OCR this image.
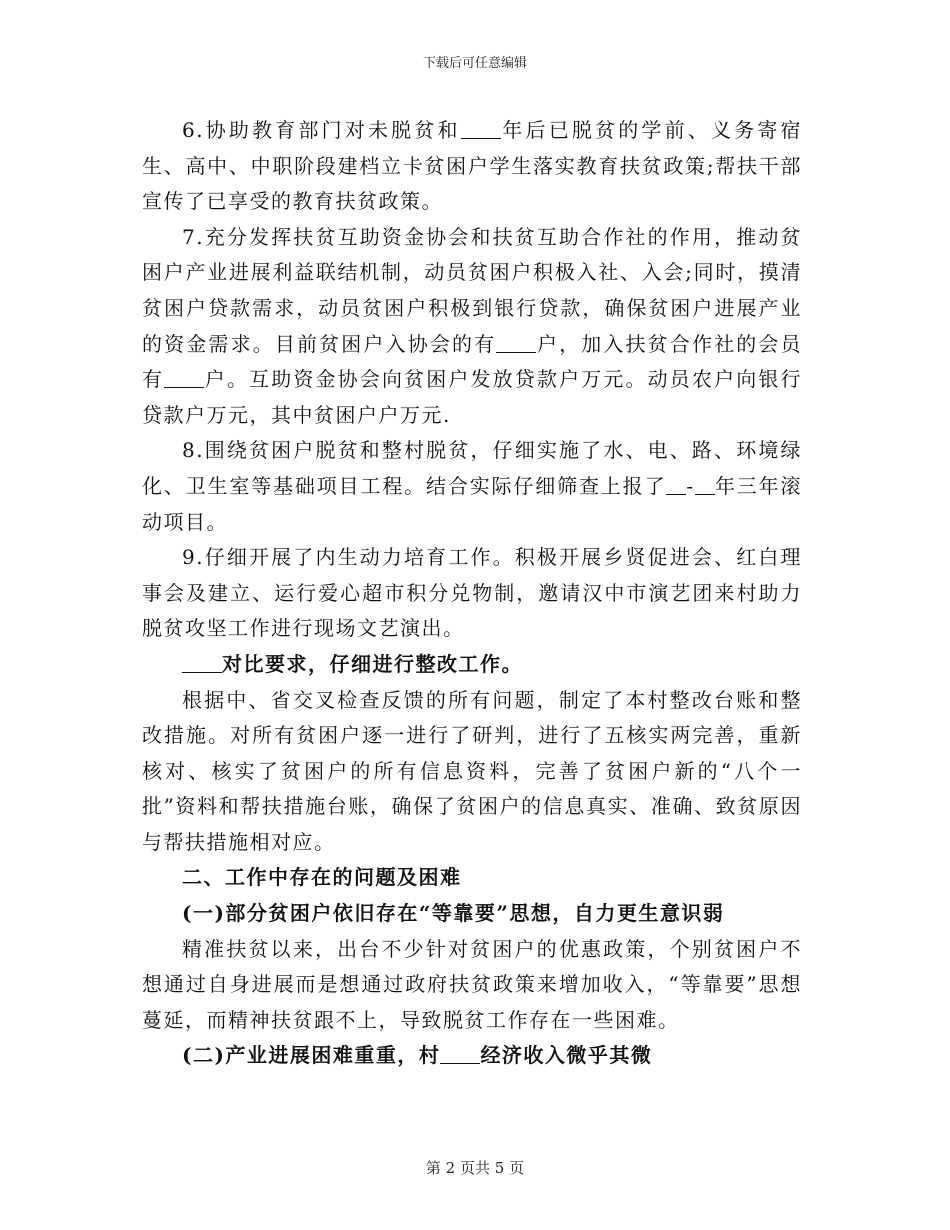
下载后可任意编辑

6.协助教育部门对未脱贫和 年后已脱贫的学前、义务寄宿生、高中、中职阶段建档立卡贫困户学生落实教育扶贫政策;帮扶干部宣传了已享受的教育扶贫政策。

7.充分发挥扶贫互助资金协会和扶贫互助合作社的作用，推动贫困户产业进展利益联结机制，动员贫困户积极入社、入会;同时，摸清贫困户贷款需求，动员贫困户积极到银行贷款，确保贫困户进展产业的资金需求。目前贫困户入协会的有 户，加入扶贫合作社的会员有 户。互助资金协会向贫困户发放贷款户万元。动员农户向银行贷款户万元，其中贫困户户万元.

8.围绕贫困户脱贫和整村脱贫，仔细实施了水、电、路、环境绿化、卫生室等基础项目工程。结合实际仔细筛查上报了 - 年三年滚动项目。

9.仔细开展了内生动力培育工作。积极开展乡贤促进会、红白理事会及建立、运行爱心超市积分兑物制，邀请汉中市演艺团来村助力脱贫攻坚工作进行现场文艺演出。

对比要求，仔细进行整改工作。

根据中、省交叉检查反馈的所有问题，制定了本村整改台账和整改措施。对所有贫困户逐一进行了研判，进行了五核实两完善，重新核对、核实了贫困户的所有信息资料，完善了贫困户新的“八个一批”资料和帮扶措施台账，确保了贫困户的信息真实、准确、致贫原因与帮扶措施相对应。

二、工作中存在的问题及困难

(一)部分贫困户依旧存在“等靠要”思想，自力更生意识弱

精准扶贫以来，出台不少针对贫困户的优惠政策，个别贫困户不想通过自身进展而是想通过政府扶贫政策来增加收入，“等靠要”思想蔓延，而精神扶贫跟不上，导致脱贫工作存在一些困难。

(二)产业进展困难重重，村 经济收入微乎其微

第 2 页共 5 页
